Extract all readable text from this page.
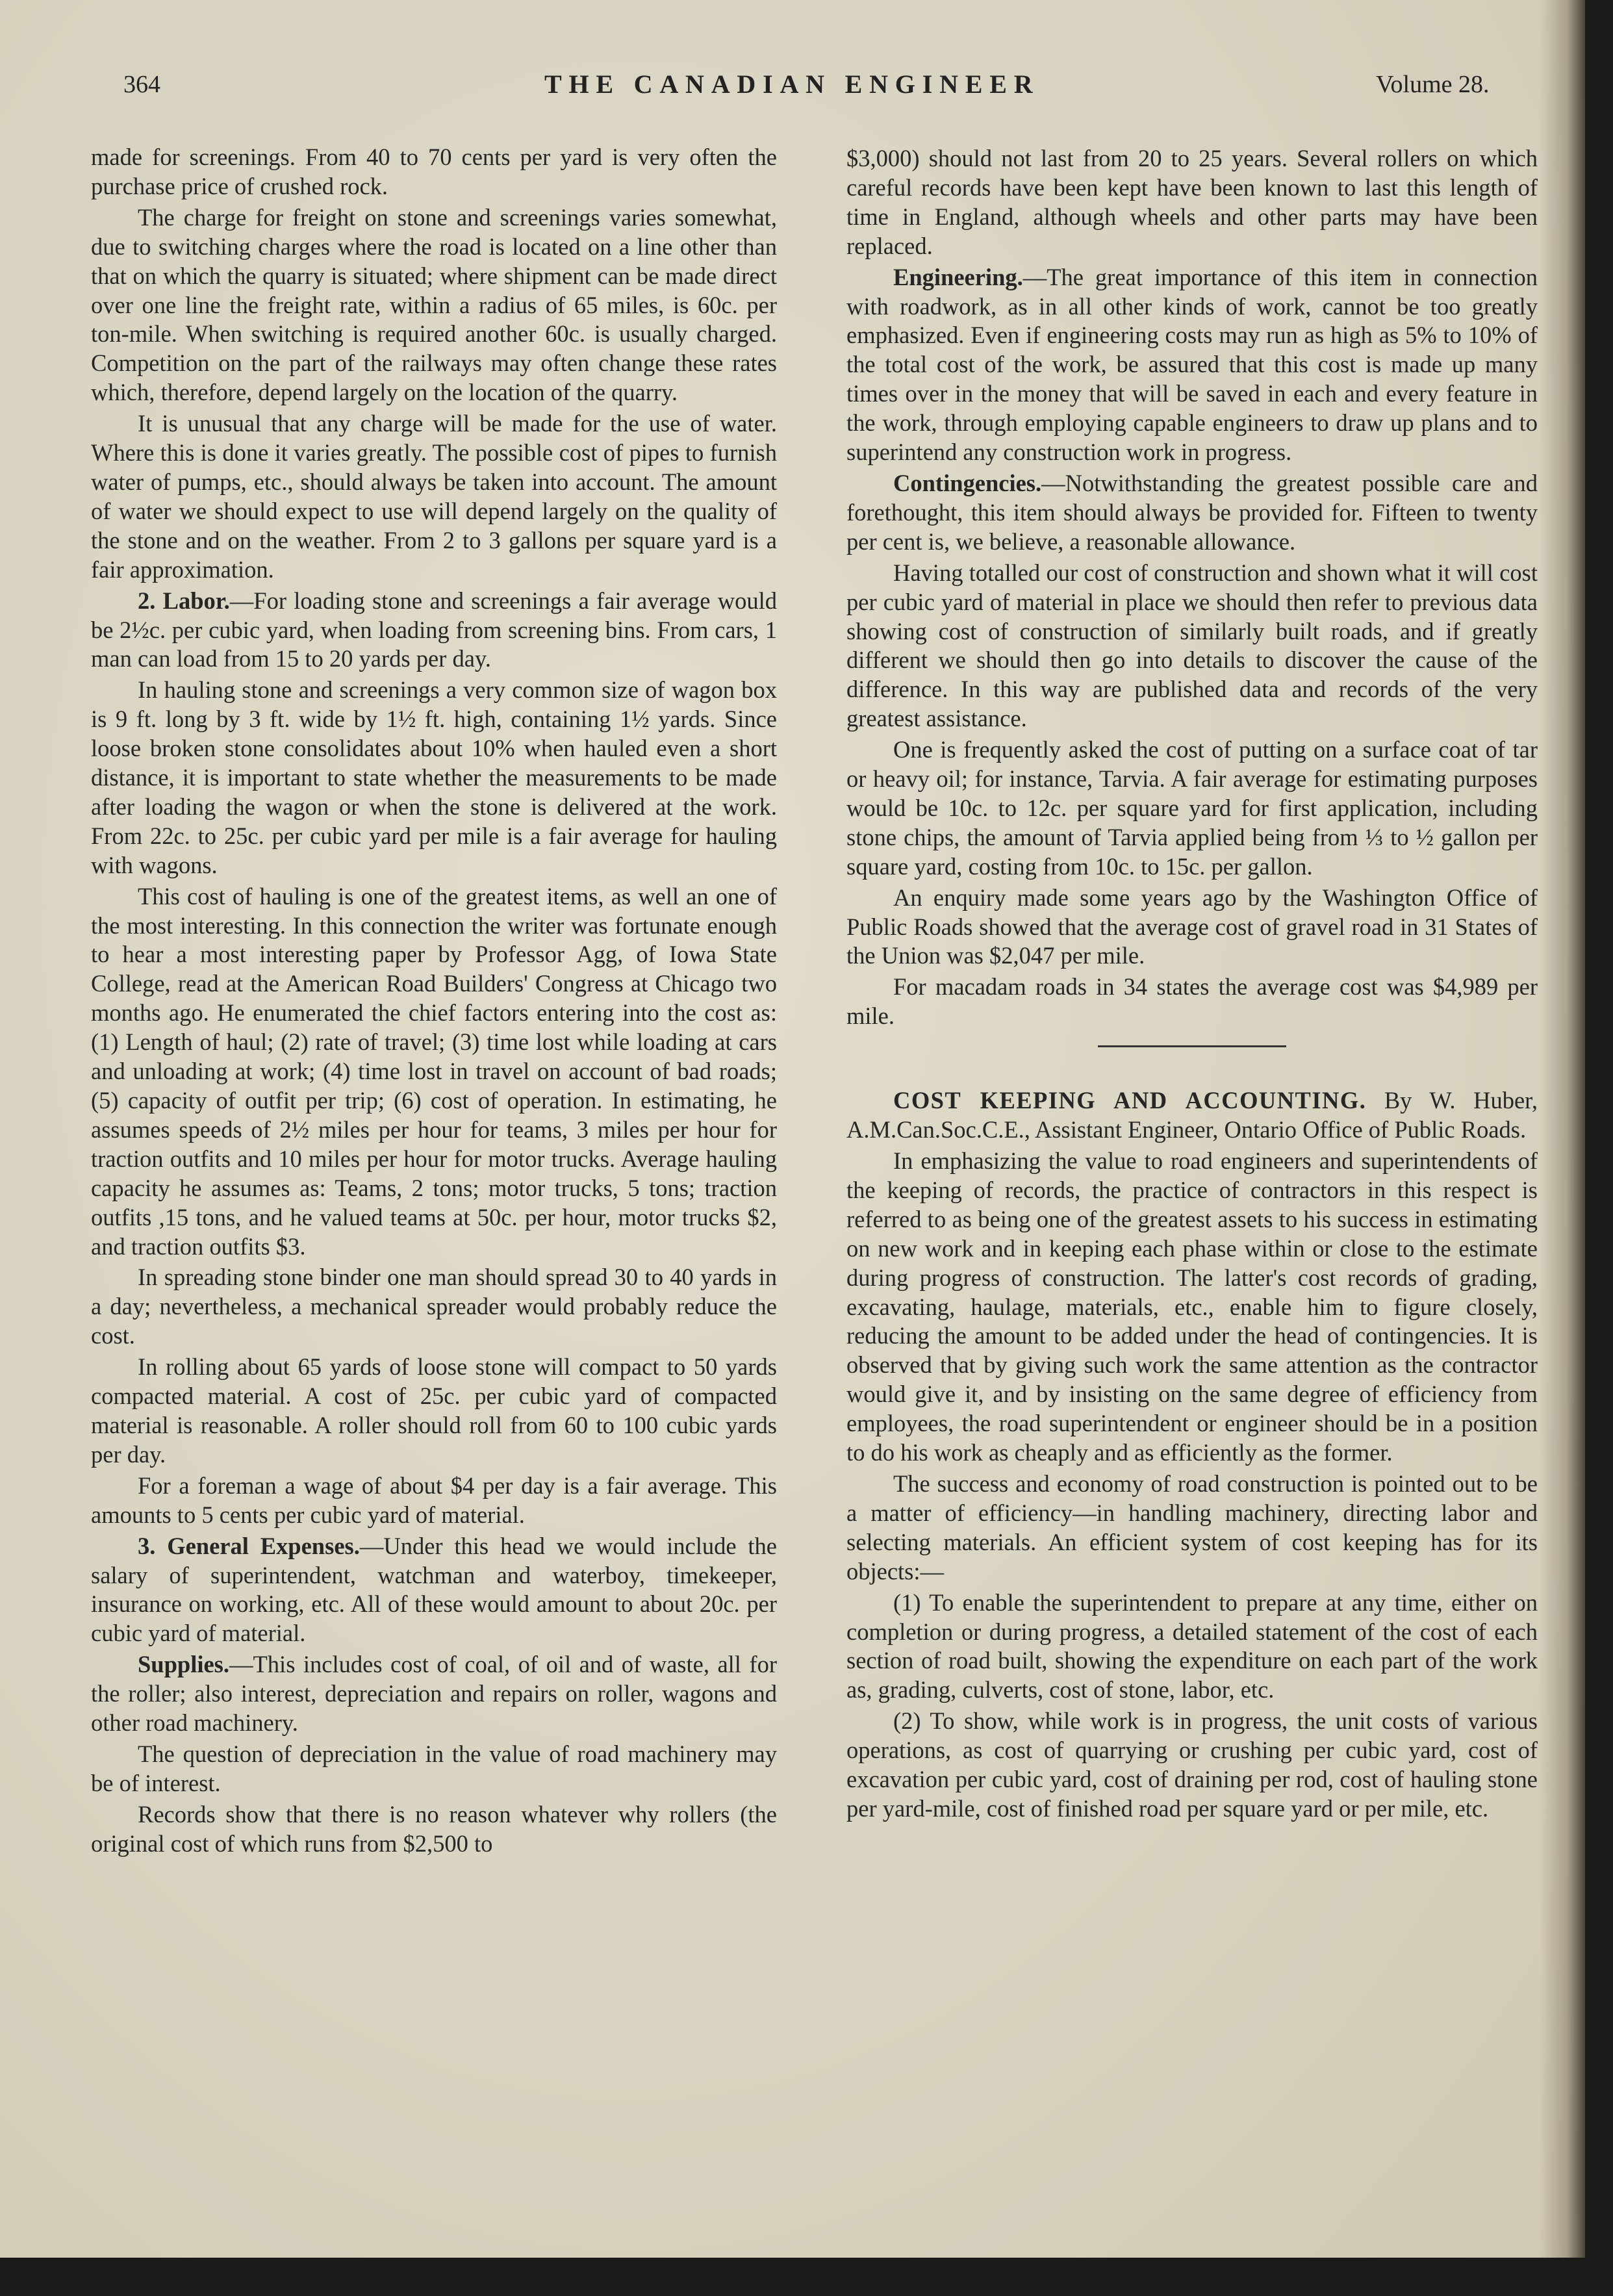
364	THE CANADIAN ENGINEER	Volume 28.

made for screenings. From 40 to 70 cents per yard is very often the purchase price of crushed rock.

The charge for freight on stone and screenings varies somewhat, due to switching charges where the road is located on a line other than that on which the quarry is situated; where shipment can be made direct over one line the freight rate, within a radius of 65 miles, is 60c. per ton-mile. When switching is required another 60c. is usually charged. Competition on the part of the railways may often change these rates which, therefore, depend largely on the location of the quarry.

It is unusual that any charge will be made for the use of water. Where this is done it varies greatly. The possible cost of pipes to furnish water of pumps, etc., should always be taken into account. The amount of water we should expect to use will depend largely on the quality of the stone and on the weather. From 2 to 3 gallons per square yard is a fair approximation.

2. Labor.—For loading stone and screenings a fair average would be 2½c. per cubic yard, when loading from screening bins. From cars, 1 man can load from 15 to 20 yards per day.

In hauling stone and screenings a very common size of wagon box is 9 ft. long by 3 ft. wide by 1½ ft. high, containing 1½ yards. Since loose broken stone consolidates about 10% when hauled even a short distance, it is important to state whether the measurements to be made after loading the wagon or when the stone is delivered at the work. From 22c. to 25c. per cubic yard per mile is a fair average for hauling with wagons.

This cost of hauling is one of the greatest items, as well an one of the most interesting. In this connection the writer was fortunate enough to hear a most interesting paper by Professor Agg, of Iowa State College, read at the American Road Builders' Congress at Chicago two months ago. He enumerated the chief factors entering into the cost as: (1) Length of haul; (2) rate of travel; (3) time lost while loading at cars and unloading at work; (4) time lost in travel on account of bad roads; (5) capacity of outfit per trip; (6) cost of operation. In estimating, he assumes speeds of 2½ miles per hour for teams, 3 miles per hour for traction outfits and 10 miles per hour for motor trucks. Average hauling capacity he assumes as: Teams, 2 tons; motor trucks, 5 tons; traction outfits ,15 tons, and he valued teams at 50c. per hour, motor trucks $2, and traction outfits $3.

In spreading stone binder one man should spread 30 to 40 yards in a day; nevertheless, a mechanical spreader would probably reduce the cost.

In rolling about 65 yards of loose stone will compact to 50 yards compacted material. A cost of 25c. per cubic yard of compacted material is reasonable. A roller should roll from 60 to 100 cubic yards per day.

For a foreman a wage of about $4 per day is a fair average. This amounts to 5 cents per cubic yard of material.

3. General Expenses.—Under this head we would include the salary of superintendent, watchman and waterboy, timekeeper, insurance on working, etc. All of these would amount to about 20c. per cubic yard of material.

Supplies.—This includes cost of coal, of oil and of waste, all for the roller; also interest, depreciation and repairs on roller, wagons and other road machinery.

The question of depreciation in the value of road machinery may be of interest.

Records show that there is no reason whatever why rollers (the original cost of which runs from $2,500 to

$3,000) should not last from 20 to 25 years. Several rollers on which careful records have been kept have been known to last this length of time in England, although wheels and other parts may have been replaced.

Engineering.—The great importance of this item in connection with roadwork, as in all other kinds of work, cannot be too greatly emphasized. Even if engineering costs may run as high as 5% to 10% of the total cost of the work, be assured that this cost is made up many times over in the money that will be saved in each and every feature in the work, through employing capable engineers to draw up plans and to superintend any construction work in progress.

Contingencies.—Notwithstanding the greatest possible care and forethought, this item should always be provided for. Fifteen to twenty per cent is, we believe, a reasonable allowance.

Having totalled our cost of construction and shown what it will cost per cubic yard of material in place we should then refer to previous data showing cost of construction of similarly built roads, and if greatly different we should then go into details to discover the cause of the difference. In this way are published data and records of the very greatest assistance.

One is frequently asked the cost of putting on a surface coat of tar or heavy oil; for instance, Tarvia. A fair average for estimating purposes would be 10c. to 12c. per square yard for first application, including stone chips, the amount of Tarvia applied being from ⅓ to ½ gallon per square yard, costing from 10c. to 15c. per gallon.

An enquiry made some years ago by the Washington Office of Public Roads showed that the average cost of gravel road in 31 States of the Union was $2,047 per mile.

For macadam roads in 34 states the average cost was $4,989 per mile.

COST KEEPING AND ACCOUNTING. By W. Huber, A.M.Can.Soc.C.E., Assistant Engineer, Ontario Office of Public Roads.

In emphasizing the value to road engineers and superintendents of the keeping of records, the practice of contractors in this respect is referred to as being one of the greatest assets to his success in estimating on new work and in keeping each phase within or close to the estimate during progress of construction. The latter's cost records of grading, excavating, haulage, materials, etc., enable him to figure closely, reducing the amount to be added under the head of contingencies. It is observed that by giving such work the same attention as the contractor would give it, and by insisting on the same degree of efficiency from employees, the road superintendent or engineer should be in a position to do his work as cheaply and as efficiently as the former.

The success and economy of road construction is pointed out to be a matter of efficiency—in handling machinery, directing labor and selecting materials. An efficient system of cost keeping has for its objects:—

(1) To enable the superintendent to prepare at any time, either on completion or during progress, a detailed statement of the cost of each section of road built, showing the expenditure on each part of the work as, grading, culverts, cost of stone, labor, etc.

(2) To show, while work is in progress, the unit costs of various operations, as cost of quarrying or crushing per cubic yard, cost of excavation per cubic yard, cost of draining per rod, cost of hauling stone per yard-mile, cost of finished road per square yard or per mile, etc.
